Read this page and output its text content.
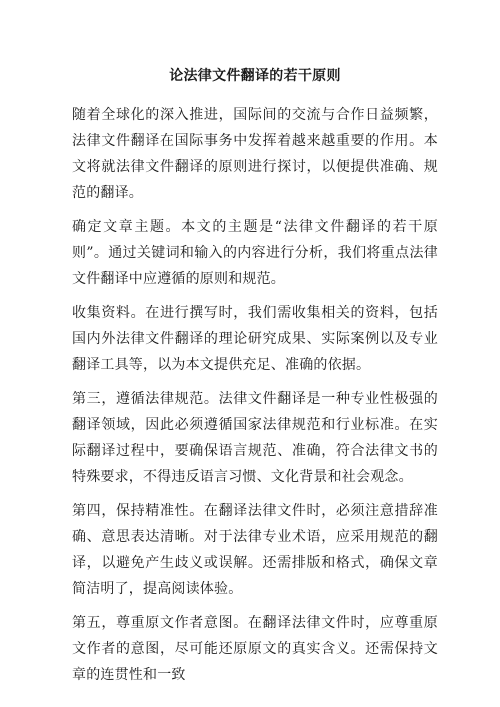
论法律文件翻译的若干原则

随着全球化的深入推进，国际间的交流与合作日益频繁，法律文件翻译在国际事务中发挥着越来越重要的作用。本文将就法律文件翻译的原则进行探讨，以便提供准确、规范的翻译。

确定文章主题。本文的主题是“法律文件翻译的若干原则”。通过关键词和输入的内容进行分析，我们将重点法律文件翻译中应遵循的原则和规范。

收集资料。在进行撰写时，我们需收集相关的资料，包括国内外法律文件翻译的理论研究成果、实际案例以及专业翻译工具等，以为本文提供充足、准确的依据。

第三，遵循法律规范。法律文件翻译是一种专业性极强的翻译领域，因此必须遵循国家法律规范和行业标准。在实际翻译过程中，要确保语言规范、准确，符合法律文书的特殊要求，不得违反语言习惯、文化背景和社会观念。

第四，保持精准性。在翻译法律文件时，必须注意措辞准确、意思表达清晰。对于法律专业术语，应采用规范的翻译，以避免产生歧义或误解。还需排版和格式，确保文章简洁明了，提高阅读体验。

第五，尊重原文作者意图。在翻译法律文件时，应尊重原文作者的意图，尽可能还原原文的真实含义。还需保持文章的连贯性和一致
